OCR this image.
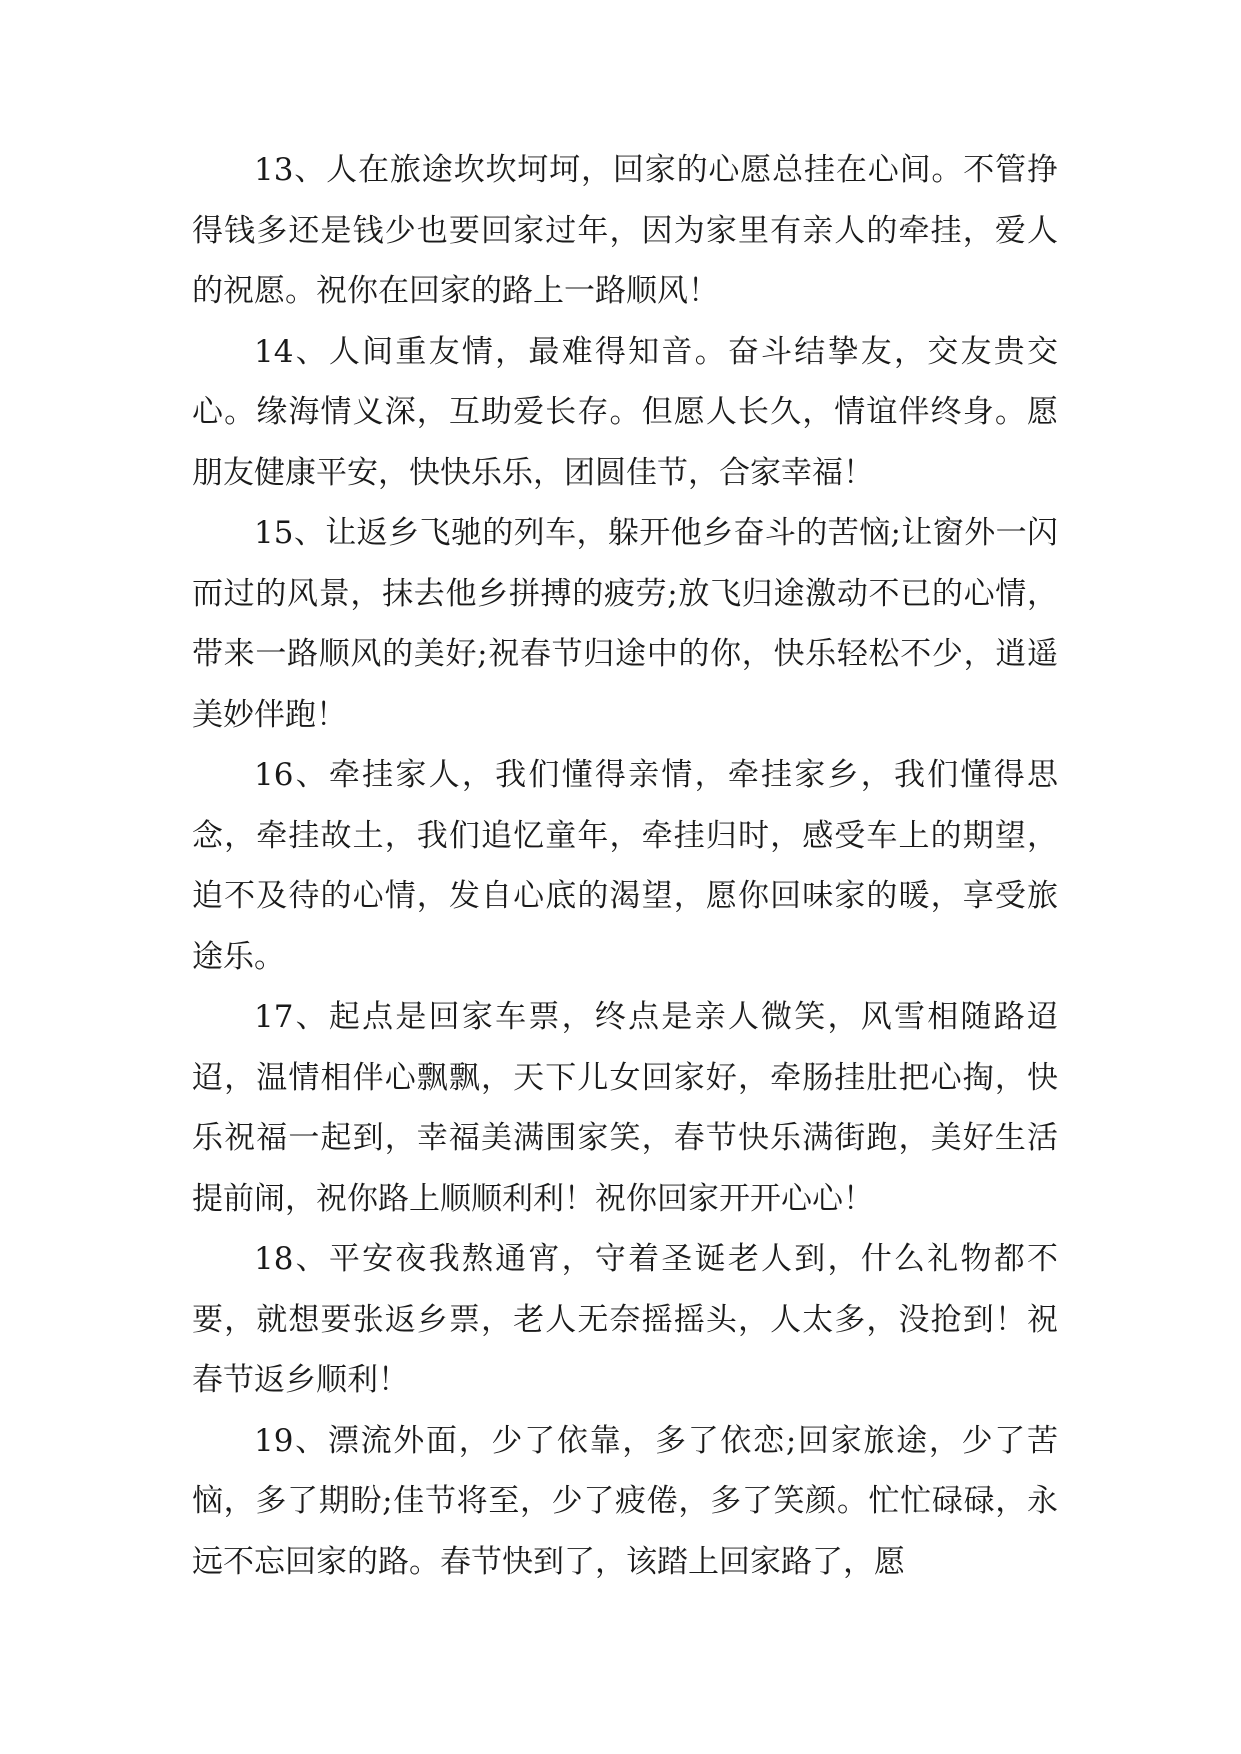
13、人在旅途坎坎坷坷，回家的心愿总挂在心间。不管挣得钱多还是钱少也要回家过年，因为家里有亲人的牵挂，爱人的祝愿。祝你在回家的路上一路顺风！

14、人间重友情，最难得知音。奋斗结挚友，交友贵交心。缘海情义深，互助爱长存。但愿人长久，情谊伴终身。愿朋友健康平安，快快乐乐，团圆佳节，合家幸福！

15、让返乡飞驰的列车，躲开他乡奋斗的苦恼;让窗外一闪而过的风景，抹去他乡拼搏的疲劳;放飞归途激动不已的心情，带来一路顺风的美好;祝春节归途中的你，快乐轻松不少，逍遥美妙伴跑！

16、牵挂家人，我们懂得亲情，牵挂家乡，我们懂得思念，牵挂故土，我们追忆童年，牵挂归时，感受车上的期望，迫不及待的心情，发自心底的渴望，愿你回味家的暖，享受旅途乐。

17、起点是回家车票，终点是亲人微笑，风雪相随路迢迢，温情相伴心飘飘，天下儿女回家好，牵肠挂肚把心掏，快乐祝福一起到，幸福美满围家笑，春节快乐满街跑，美好生活提前闹，祝你路上顺顺利利！祝你回家开开心心！

18、平安夜我熬通宵，守着圣诞老人到，什么礼物都不要，就想要张返乡票，老人无奈摇摇头，人太多，没抢到！祝春节返乡顺利！

19、漂流外面，少了依靠，多了依恋;回家旅途，少了苦恼，多了期盼;佳节将至，少了疲倦，多了笑颜。忙忙碌碌，永远不忘回家的路。春节快到了，该踏上回家路了，愿
